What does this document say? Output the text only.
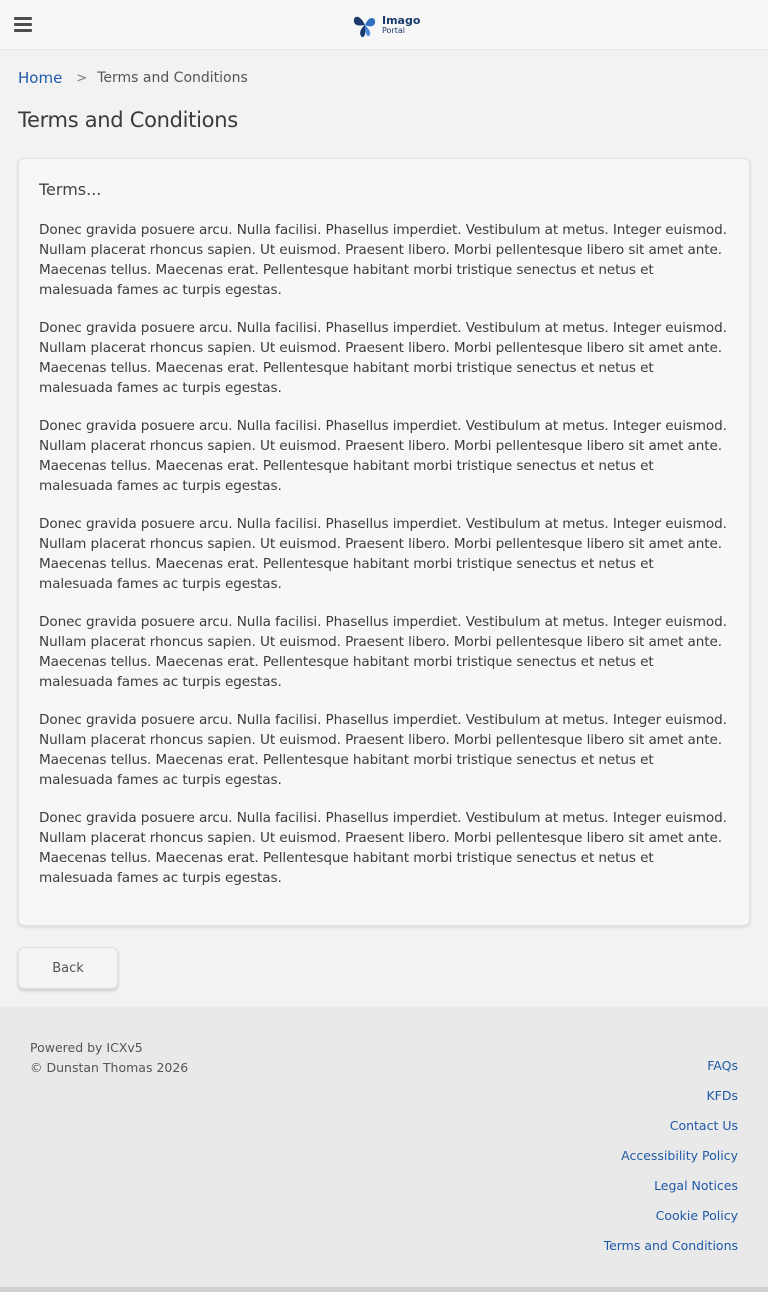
Imago
Portal
Home > Terms and Conditions
Terms and Conditions
Terms...

Donec gravida posuere arcu. Nulla facilisi. Phasellus imperdiet. Vestibulum at metus. Integer euismod. Nullam placerat rhoncus sapien. Ut euismod. Praesent libero. Morbi pellentesque libero sit amet ante. Maecenas tellus. Maecenas erat. Pellentesque habitant morbi tristique senectus et netus et malesuada fames ac turpis egestas.

Donec gravida posuere arcu. Nulla facilisi. Phasellus imperdiet. Vestibulum at metus. Integer euismod. Nullam placerat rhoncus sapien. Ut euismod. Praesent libero. Morbi pellentesque libero sit amet ante. Maecenas tellus. Maecenas erat. Pellentesque habitant morbi tristique senectus et netus et malesuada fames ac turpis egestas.

Donec gravida posuere arcu. Nulla facilisi. Phasellus imperdiet. Vestibulum at metus. Integer euismod. Nullam placerat rhoncus sapien. Ut euismod. Praesent libero. Morbi pellentesque libero sit amet ante. Maecenas tellus. Maecenas erat. Pellentesque habitant morbi tristique senectus et netus et malesuada fames ac turpis egestas.

Donec gravida posuere arcu. Nulla facilisi. Phasellus imperdiet. Vestibulum at metus. Integer euismod. Nullam placerat rhoncus sapien. Ut euismod. Praesent libero. Morbi pellentesque libero sit amet ante. Maecenas tellus. Maecenas erat. Pellentesque habitant morbi tristique senectus et netus et malesuada fames ac turpis egestas.

Donec gravida posuere arcu. Nulla facilisi. Phasellus imperdiet. Vestibulum at metus. Integer euismod. Nullam placerat rhoncus sapien. Ut euismod. Praesent libero. Morbi pellentesque libero sit amet ante. Maecenas tellus. Maecenas erat. Pellentesque habitant morbi tristique senectus et netus et malesuada fames ac turpis egestas.

Donec gravida posuere arcu. Nulla facilisi. Phasellus imperdiet. Vestibulum at metus. Integer euismod. Nullam placerat rhoncus sapien. Ut euismod. Praesent libero. Morbi pellentesque libero sit amet ante. Maecenas tellus. Maecenas erat. Pellentesque habitant morbi tristique senectus et netus et malesuada fames ac turpis egestas.

Donec gravida posuere arcu. Nulla facilisi. Phasellus imperdiet. Vestibulum at metus. Integer euismod. Nullam placerat rhoncus sapien. Ut euismod. Praesent libero. Morbi pellentesque libero sit amet ante. Maecenas tellus. Maecenas erat. Pellentesque habitant morbi tristique senectus et netus et malesuada fames ac turpis egestas.

Back
Powered by ICXv5
© Dunstan Thomas 2026	FAQs
KFDs
Contact Us
Accessibility Policy
Legal Notices
Cookie Policy
Terms and Conditions
